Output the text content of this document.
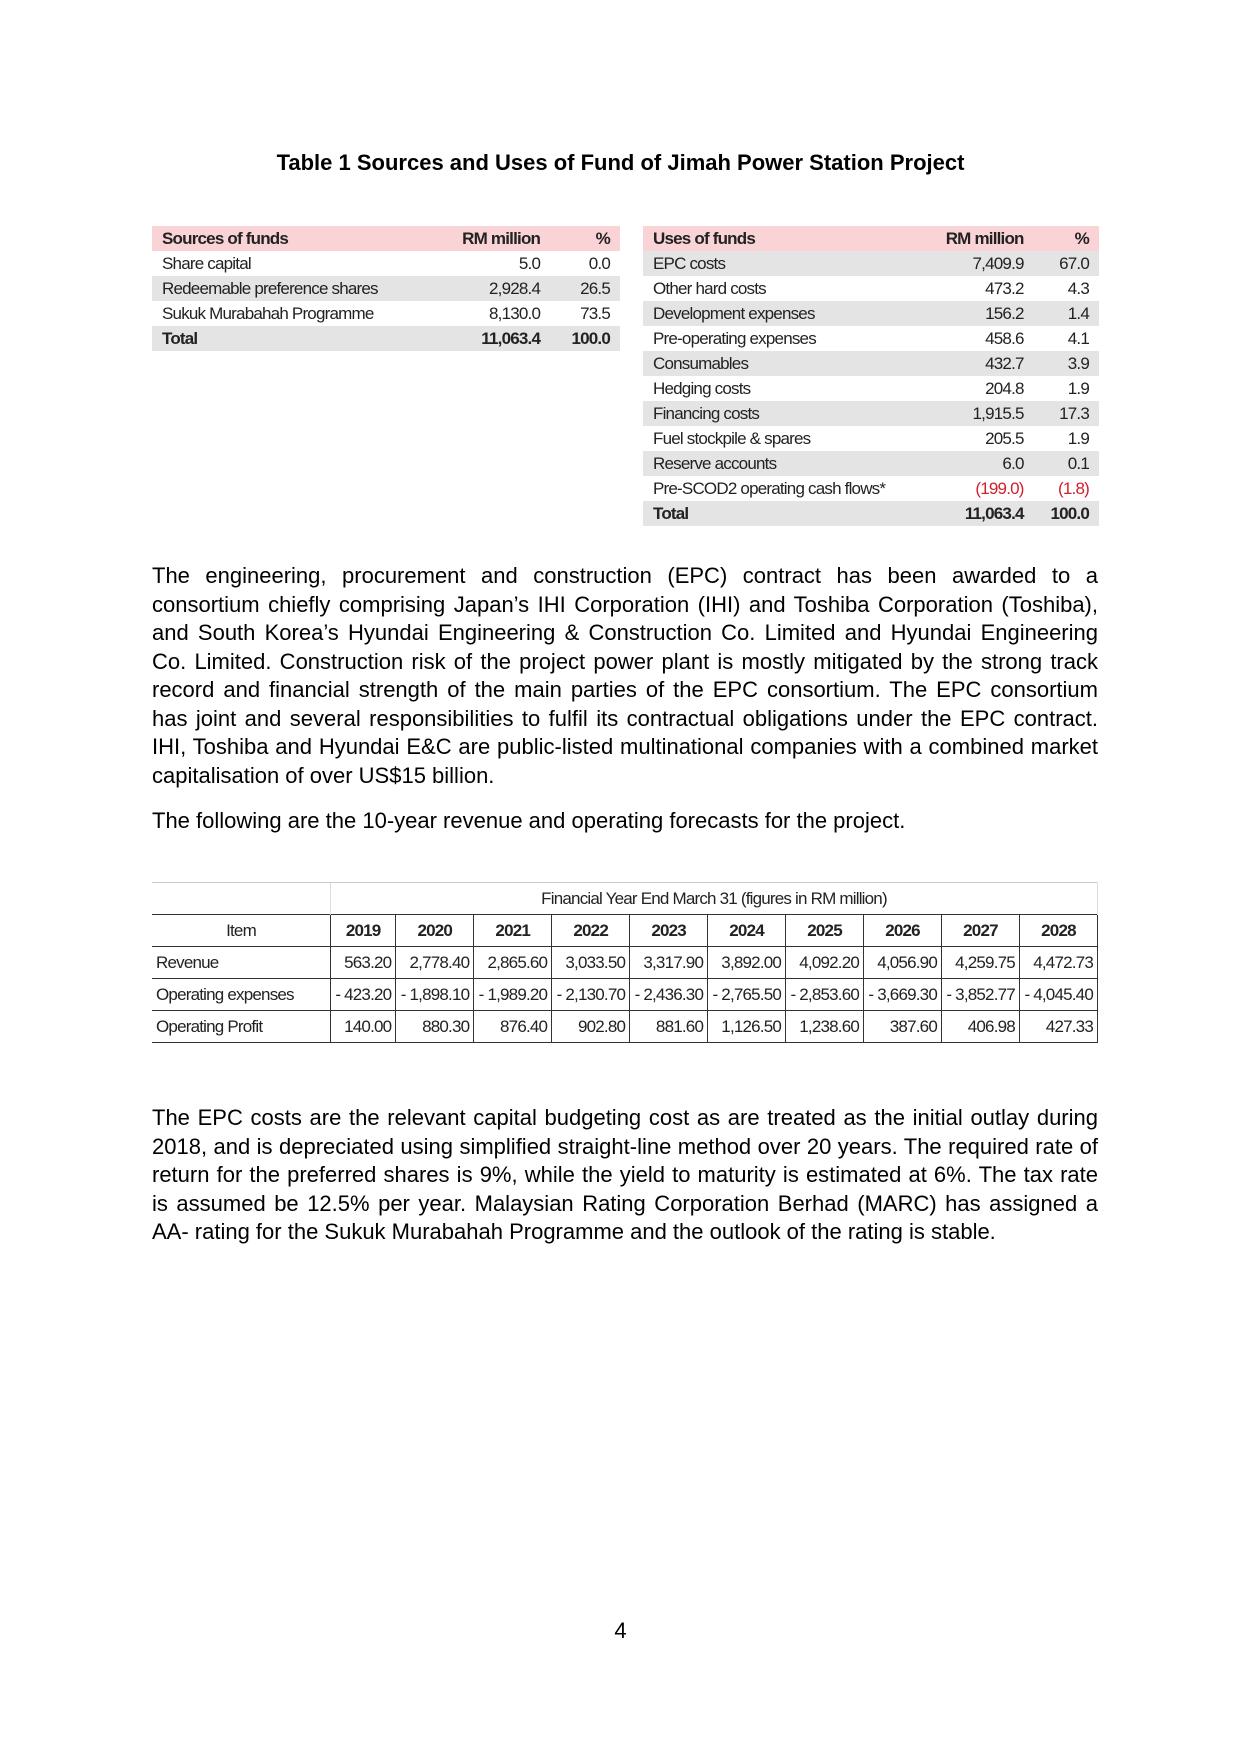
Table 1 Sources and Uses of Fund of Jimah Power Station Project
Sources of funds	RM million	%
Share capital	5.0	0.0
Redeemable preference shares	2,928.4	26.5
Sukuk Murabahah Programme	8,130.0	73.5
Total	11,063.4	100.0
Uses of funds	RM million	%
EPC costs	7,409.9	67.0
Other hard costs	473.2	4.3
Development expenses	156.2	1.4
Pre-operating expenses	458.6	4.1
Consumables	432.7	3.9
Hedging costs	204.8	1.9
Financing costs	1,915.5	17.3
Fuel stockpile & spares	205.5	1.9
Reserve accounts	6.0	0.1
Pre-SCOD2 operating cash flows*	(199.0)	(1.8)
Total	11,063.4	100.0

The engineering, procurement and construction (EPC) contract has been awarded to a consortium chiefly comprising Japan’s IHI Corporation (IHI) and Toshiba Corporation (Toshiba), and South Korea’s Hyundai Engineering & Construction Co. Limited and Hyundai Engineering Co. Limited. Construction risk of the project power plant is mostly mitigated by the strong track record and financial strength of the main parties of the EPC consortium. The EPC consortium has joint and several responsibilities to fulfil its contractual obligations under the EPC contract. IHI, Toshiba and Hyundai E&C are public-listed multinational companies with a combined market capitalisation of over US$15 billion.

The following are the 10-year revenue and operating forecasts for the project.

	Financial Year End March 31 (figures in RM million)									
Item	2019	2020	2021	2022	2023	2024	2025	2026	2027	2028
Revenue	563.20	2,778.40	2,865.60	3,033.50	3,317.90	3,892.00	4,092.20	4,056.90	4,259.75	4,472.73
Operating expenses	- 423.20	- 1,898.10	- 1,989.20	- 2,130.70	- 2,436.30	- 2,765.50	- 2,853.60	- 3,669.30	- 3,852.77	- 4,045.40
Operating Profit	140.00	880.30	876.40	902.80	881.60	1,126.50	1,238.60	387.60	406.98	427.33

The EPC costs are the relevant capital budgeting cost as are treated as the initial outlay during 2018, and is depreciated using simplified straight-line method over 20 years. The required rate of return for the preferred shares is 9%, while the yield to maturity is estimated at 6%. The tax rate is assumed be 12.5% per year. Malaysian Rating Corporation Berhad (MARC) has assigned a AA- rating for the Sukuk Murabahah Programme and the outlook of the rating is stable.

4
